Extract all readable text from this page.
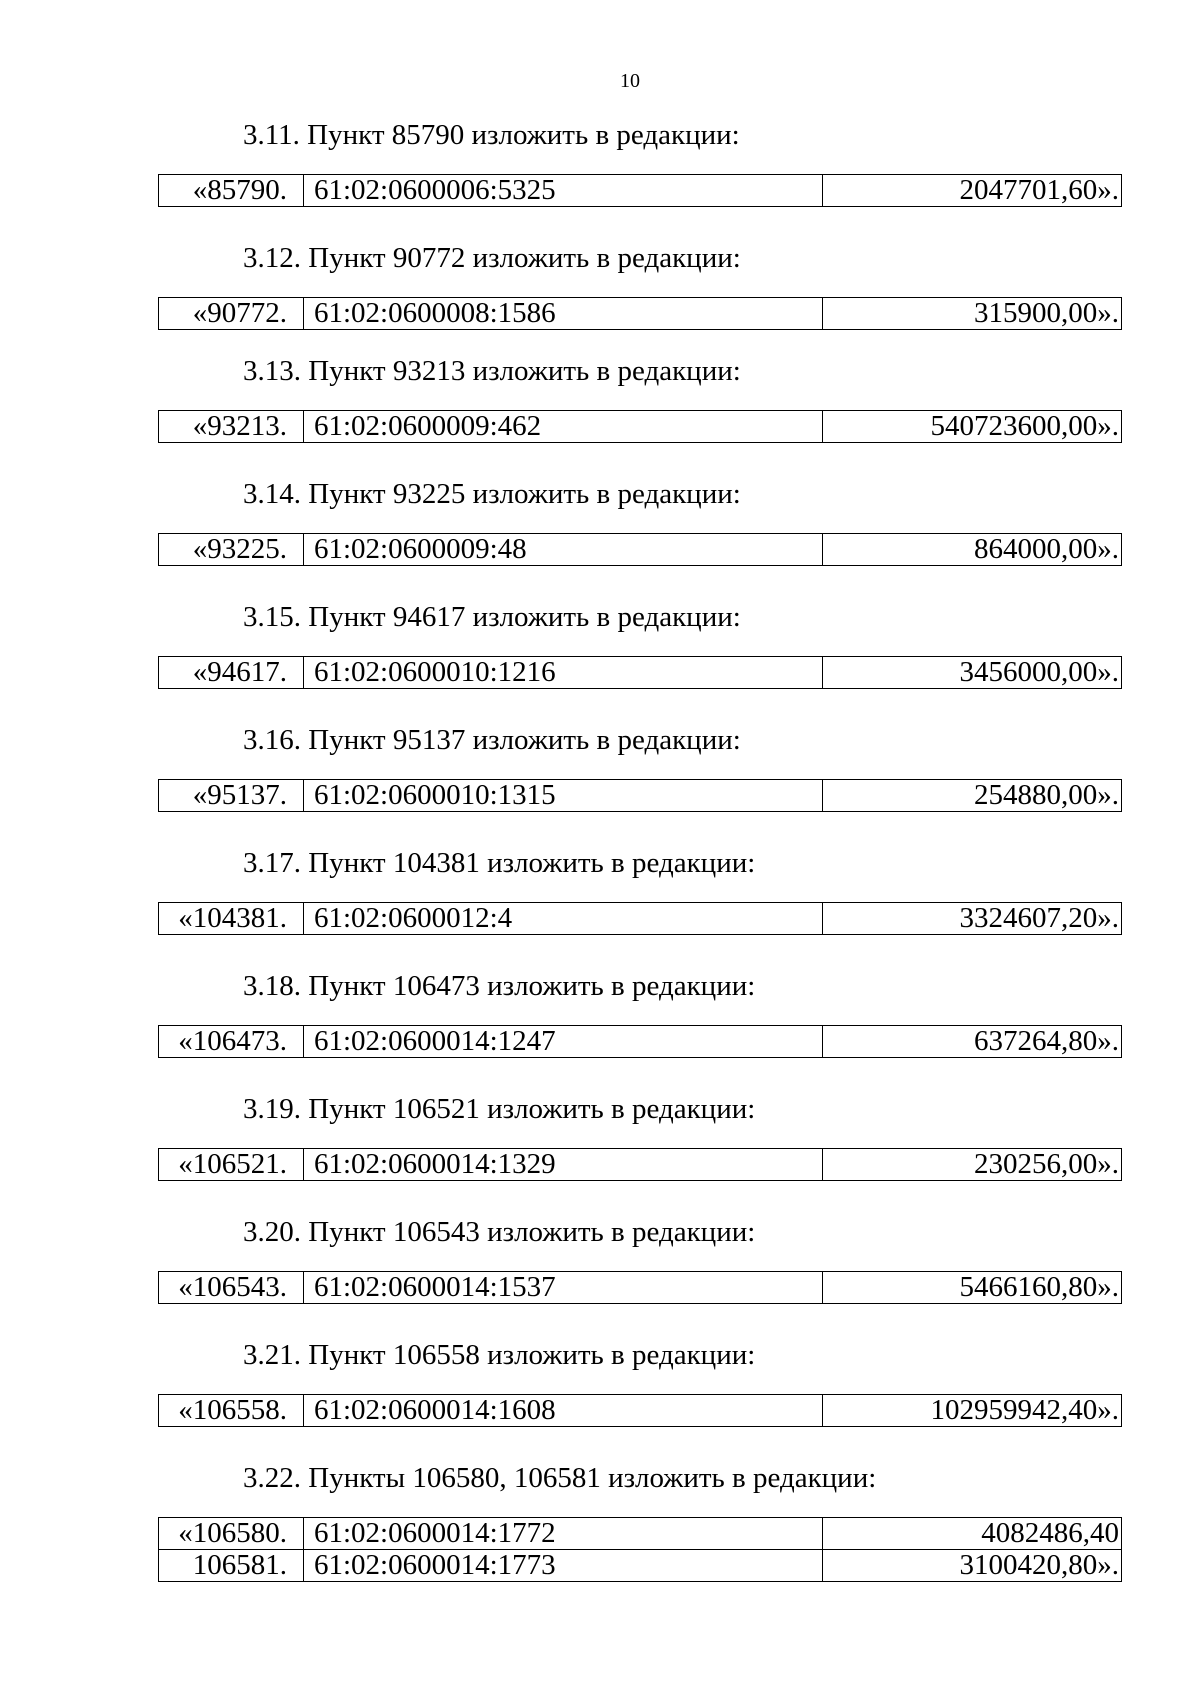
10
3.11. Пункт 85790 изложить в редакции:
«85790.	61:02:0600006:5325	2047701,60».
3.12. Пункт 90772 изложить в редакции:
«90772.	61:02:0600008:1586	315900,00».
3.13. Пункт 93213 изложить в редакции:
«93213.	61:02:0600009:462	540723600,00».
3.14. Пункт 93225 изложить в редакции:
«93225.	61:02:0600009:48	864000,00».
3.15. Пункт 94617 изложить в редакции:
«94617.	61:02:0600010:1216	3456000,00».
3.16. Пункт 95137 изложить в редакции:
«95137.	61:02:0600010:1315	254880,00».
3.17. Пункт 104381 изложить в редакции:
«104381.	61:02:0600012:4	3324607,20».
3.18. Пункт 106473 изложить в редакции:
«106473.	61:02:0600014:1247	637264,80».
3.19. Пункт 106521 изложить в редакции:
«106521.	61:02:0600014:1329	230256,00».
3.20. Пункт 106543 изложить в редакции:
«106543.	61:02:0600014:1537	5466160,80».
3.21. Пункт 106558 изложить в редакции:
«106558.	61:02:0600014:1608	102959942,40».
3.22. Пункты 106580, 106581 изложить в редакции:
«106580.	61:02:0600014:1772	4082486,40
106581.	61:02:0600014:1773	3100420,80».
